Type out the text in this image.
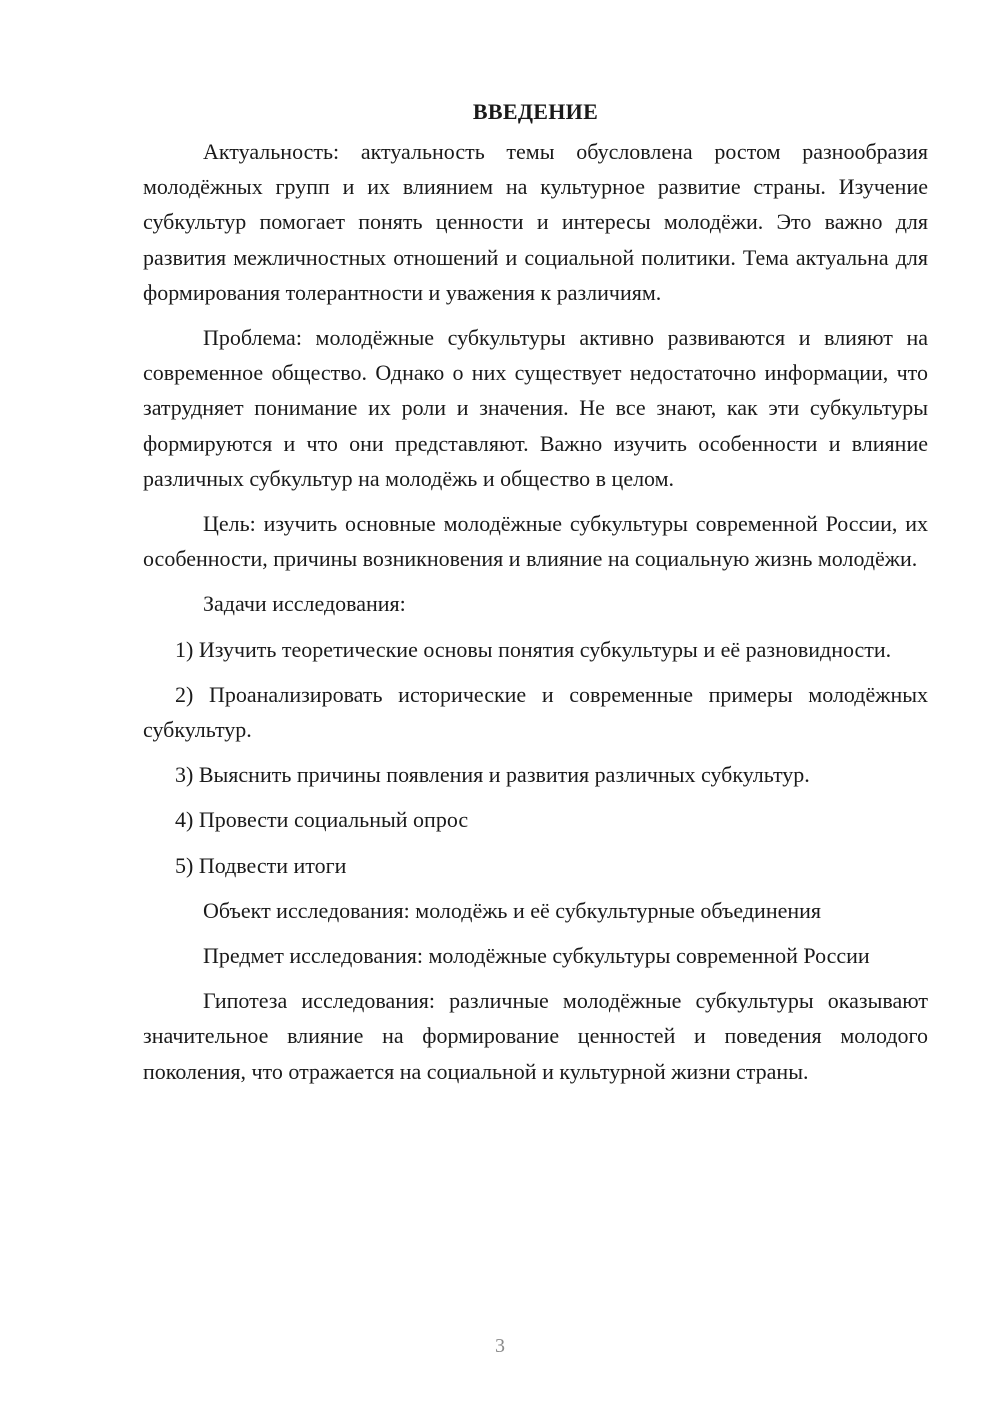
ВВЕДЕНИЕ

Актуальность: актуальность темы обусловлена ростом разнообразия молодёжных групп и их влиянием на культурное развитие страны. Изучение субкультур помогает понять ценности и интересы молодёжи. Это важно для развития межличностных отношений и социальной политики. Тема актуальна для формирования толерантности и уважения к различиям.

Проблема: молодёжные субкультуры активно развиваются и влияют на современное общество. Однако о них существует недостаточно информации, что затрудняет понимание их роли и значения. Не все знают, как эти субкультуры формируются и что они представляют. Важно изучить особенности и влияние различных субкультур на молодёжь и общество в целом.

Цель: изучить основные молодёжные субкультуры современной России, их особенности, причины возникновения и влияние на социальную жизнь молодёжи.

Задачи исследования:

1) Изучить теоретические основы понятия субкультуры и её разновидности.

2) Проанализировать исторические и современные примеры молодёжных субкультур.

3) Выяснить причины появления и развития различных субкультур.

4) Провести социальный опрос

5) Подвести итоги

Объект исследования: молодёжь и её субкультурные объединения

Предмет исследования: молодёжные субкультуры современной России

Гипотеза исследования: различные молодёжные субкультуры оказывают значительное влияние на формирование ценностей и поведения молодого поколения, что отражается на социальной и культурной жизни страны.

3
